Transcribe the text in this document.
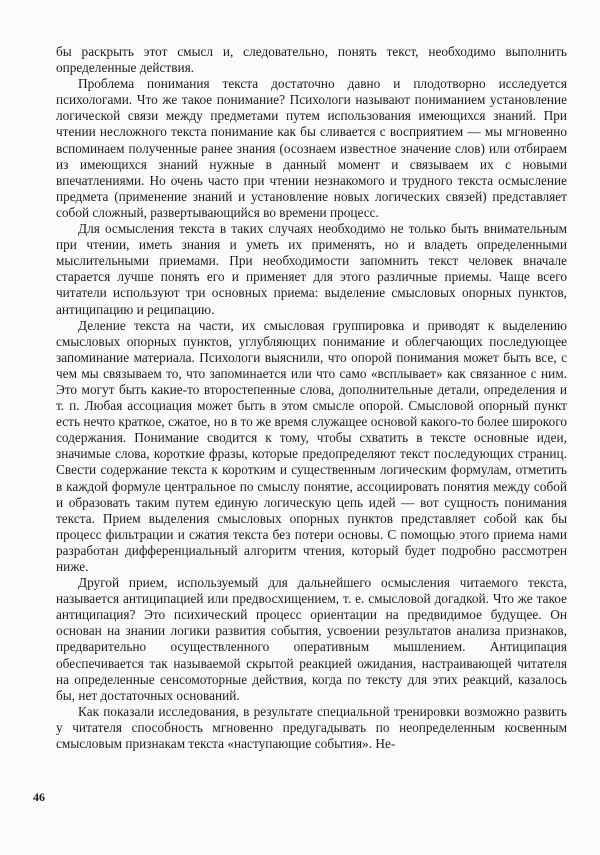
бы раскрыть этот смысл и, следовательно, понять текст, необходимо выполнить определенные действия.

Проблема понимания текста достаточно давно и плодотворно исследуется психологами. Что же такое понимание? Психологи называют пониманием установление логической связи между предметами путем использования имеющихся знаний. При чтении несложного текста понимание как бы сливается с восприятием — мы мгновенно вспоминаем полученные ранее знания (осознаем известное значение слов) или отбираем из имеющихся знаний нужные в данный момент и связываем их с новыми впечатлениями. Но очень часто при чтении незнакомого и трудного текста осмысление предмета (применение знаний и установление новых логических связей) представляет собой сложный, развертывающийся во времени процесс.

Для осмысления текста в таких случаях необходимо не только быть внимательным при чтении, иметь знания и уметь их применять, но и владеть определенными мыслительными приемами. При необходимости запомнить текст человек вначале старается лучше понять его и применяет для этого различные приемы. Чаще всего читатели используют три основных приема: выделение смысловых опорных пунктов, антиципацию и реципацию.

Деление текста на части, их смысловая группировка и приводят к выделению смысловых опорных пунктов, углубляющих понимание и облегчающих последующее запоминание материала. Психологи выяснили, что опорой понимания может быть все, с чем мы связываем то, что запоминается или что само «всплывает» как связанное с ним. Это могут быть какие-то второстепенные слова, дополнительные детали, определения и т. п. Любая ассоциация может быть в этом смысле опорой. Смысловой опорный пункт есть нечто краткое, сжатое, но в то же время служащее основой какого-то более широкого содержания. Понимание сводится к тому, чтобы схватить в тексте основные идеи, значимые слова, короткие фразы, которые предопределяют текст последующих страниц. Свести содержание текста к коротким и существенным логическим формулам, отметить в каждой формуле центральное по смыслу понятие, ассоциировать понятия между собой и образовать таким путем единую логическую цепь идей — вот сущность понимания текста. Прием выделения смысловых опорных пунктов представляет собой как бы процесс фильтрации и сжатия текста без потери основы. С помощью этого приема нами разработан дифференциальный алгоритм чтения, который будет подробно рассмотрен ниже.

Другой прием, используемый для дальнейшего осмысления читаемого текста, называется антиципацией или предвосхищением, т. е. смысловой догадкой. Что же такое антиципация? Это психический процесс ориентации на предвидимое будущее. Он основан на знании логики развития события, усвоении результатов анализа признаков, предварительно осуществленного оперативным мышлением. Антиципация обеспечивается так называемой скрытой реакцией ожидания, настраивающей читателя на определенные сенсомоторные действия, когда по тексту для этих реакций, казалось бы, нет достаточных оснований.

Как показали исследования, в результате специальной тренировки возможно развить у читателя способность мгновенно предугадывать по неопределенным косвенным смысловым признакам текста «наступающие события». Не-

46
